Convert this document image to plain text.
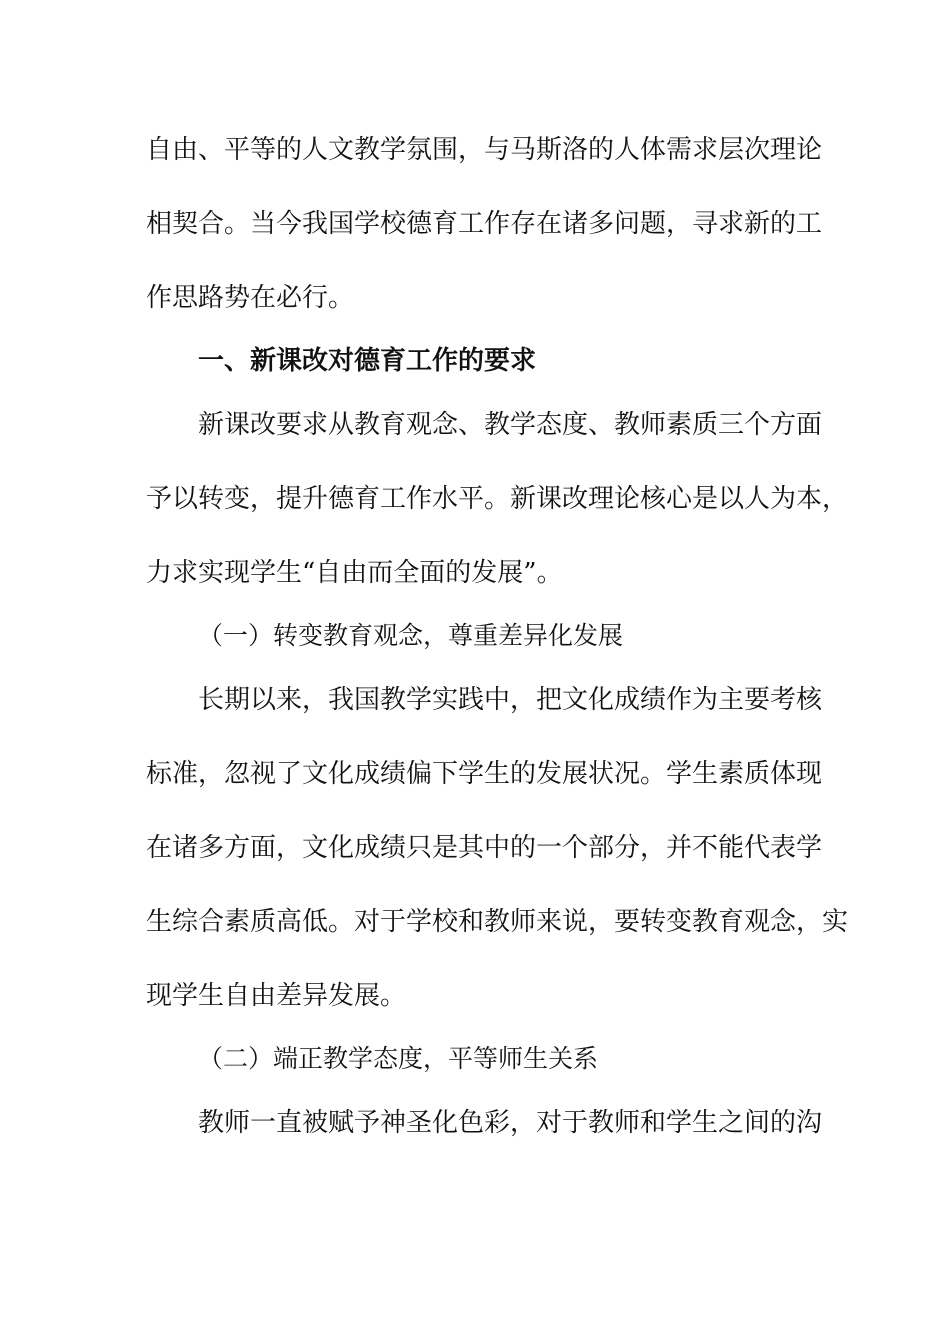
自由、平等的人文教学氛围，与马斯洛的人体需求层次理论
相契合。当今我国学校德育工作存在诸多问题，寻求新的工
作思路势在必行。
一、新课改对德育工作的要求
新课改要求从教育观念、教学态度、教师素质三个方面
予以转变，提升德育工作水平。新课改理论核心是以人为本，
力求实现学生“自由而全面的发展”。
（一）转变教育观念，尊重差异化发展
长期以来，我国教学实践中，把文化成绩作为主要考核
标准，忽视了文化成绩偏下学生的发展状况。学生素质体现
在诸多方面，文化成绩只是其中的一个部分，并不能代表学
生综合素质高低。对于学校和教师来说，要转变教育观念，实
现学生自由差异发展。
（二）端正教学态度，平等师生关系
教师一直被赋予神圣化色彩，对于教师和学生之间的沟
